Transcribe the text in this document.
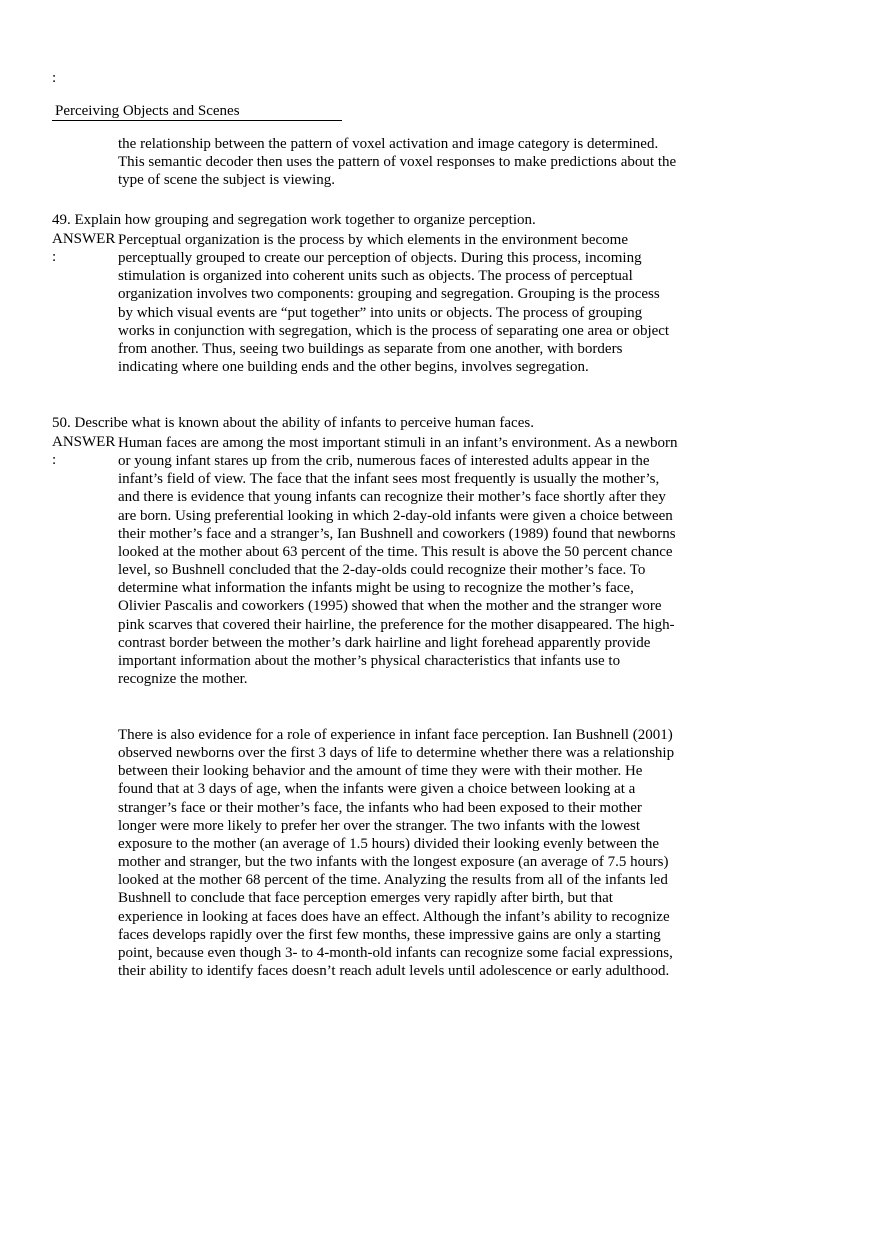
:
Perceiving Objects and Scenes

the relationship between the pattern of voxel activation and image category is determined. This semantic decoder then uses the pattern of voxel responses to make predictions about the type of scene the subject is viewing.

49. Explain how grouping and segregation work together to organize perception.

ANSWER
:

Perceptual organization is the process by which elements in the environment become perceptually grouped to create our perception of objects. During this process, incoming stimulation is organized into coherent units such as objects. The process of perceptual organization involves two components: grouping and segregation. Grouping is the process by which visual events are “put together” into units or objects. The process of grouping works in conjunction with segregation, which is the process of separating one area or object from another. Thus, seeing two buildings as separate from one another, with borders indicating where one building ends and the other begins, involves segregation.

50. Describe what is known about the ability of infants to perceive human faces.

ANSWER
:

Human faces are among the most important stimuli in an infant’s environment. As a newborn or young infant stares up from the crib, numerous faces of interested adults appear in the infant’s field of view. The face that the infant sees most frequently is usually the mother’s, and there is evidence that young infants can recognize their mother’s face shortly after they are born. Using preferential looking in which 2-day-old infants were given a choice between their mother’s face and a stranger’s, Ian Bushnell and coworkers (1989) found that newborns looked at the mother about 63 percent of the time. This result is above the 50 percent chance level, so Bushnell concluded that the 2-day-olds could recognize their mother’s face. To determine what information the infants might be using to recognize the mother’s face, Olivier Pascalis and coworkers (1995) showed that when the mother and the stranger wore pink scarves that covered their hairline, the preference for the mother disappeared. The high-contrast border between the mother’s dark hairline and light forehead apparently provide important information about the mother’s physical characteristics that infants use to recognize the mother.

There is also evidence for a role of experience in infant face perception. Ian Bushnell (2001) observed newborns over the first 3 days of life to determine whether there was a relationship between their looking behavior and the amount of time they were with their mother. He found that at 3 days of age, when the infants were given a choice between looking at a stranger’s face or their mother’s face, the infants who had been exposed to their mother longer were more likely to prefer her over the stranger. The two infants with the lowest exposure to the mother (an average of 1.5 hours) divided their looking evenly between the mother and stranger, but the two infants with the longest exposure (an average of 7.5 hours) looked at the mother 68 percent of the time. Analyzing the results from all of the infants led Bushnell to conclude that face perception emerges very rapidly after birth, but that experience in looking at faces does have an effect. Although the infant’s ability to recognize faces develops rapidly over the first few months, these impressive gains are only a starting point, because even though 3- to 4-month-old infants can recognize some facial expressions, their ability to identify faces doesn’t reach adult levels until adolescence or early adulthood.
